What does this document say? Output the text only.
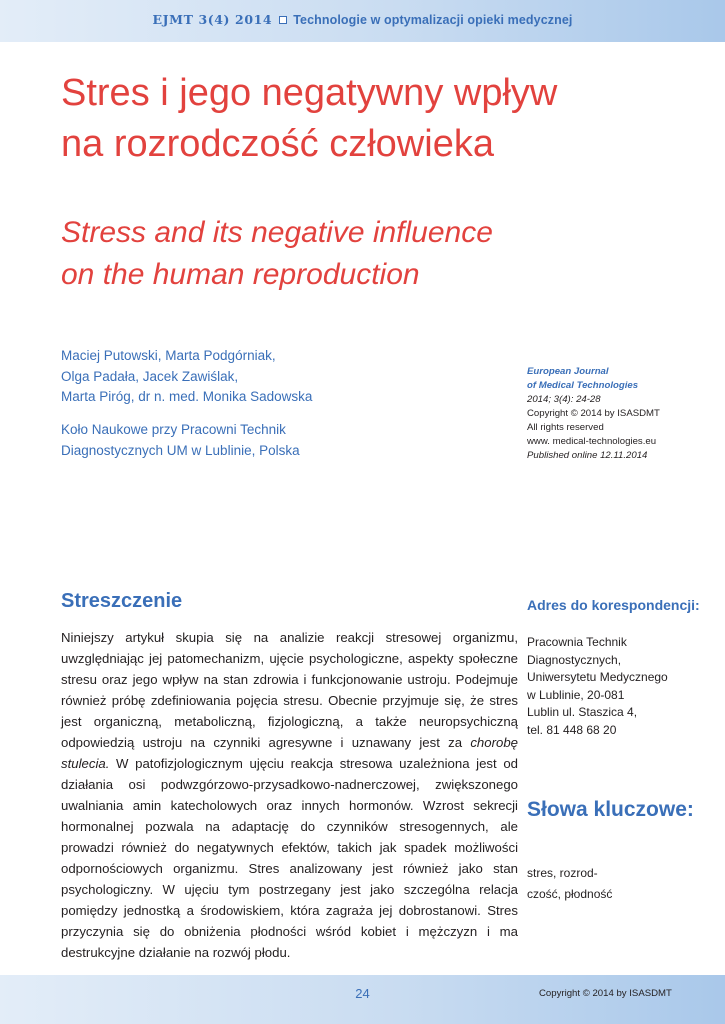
EJMT 3(4) 2014 Technologie w optymalizacji opieki medycznej
Stres i jego negatywny wpływ
na rozrodczość człowieka
Stress and its negative influence
on the human reproduction
Maciej Putowski, Marta Podgórniak,
Olga Padała, Jacek Zawiślak,
Marta Piróg, dr n. med. Monika Sadowska
Koło Naukowe przy Pracowni Technik
Diagnostycznych UM w Lublinie, Polska
European Journal
of Medical Technologies
2014; 3(4): 24-28
Copyright © 2014 by ISASDMT
All rights reserved
www. medical-technologies.eu
Published online 12.11.2014
Streszczenie

Niniejszy artykuł skupia się na analizie reakcji stresowej organizmu, uwzględniając jej patomechanizm, ujęcie psychologiczne, aspekty społeczne stresu oraz jego wpływ na stan zdrowia i funkcjonowanie ustroju. Podejmuje również próbę zdefiniowania pojęcia stresu. Obecnie przyjmuje się, że stres jest organiczną, metaboliczną, fizjologiczną, a także neuropsychiczną odpowiedzią ustroju na czynniki agresywne i uznawany jest za chorobę stulecia. W patofizjologicznym ujęciu reakcja stresowa uzależniona jest od działania osi podwzgórzowo-przysadkowo-nadnerczowej, zwiększonego uwalniania amin katecholowych oraz innych hormonów. Wzrost sekrecji hormonalnej pozwala na adaptację do czynników stresogennych, ale prowadzi również do negatywnych efektów, takich jak spadek możliwości odpornościowych organizmu. Stres analizowany jest również jako stan psychologiczny. W ujęciu tym postrzegany jest jako szczególna relacja pomiędzy jednostką a środowiskiem, która zagraża jej dobrostanowi. Stres przyczynia się do obniżenia płodności wśród kobiet i mężczyzn i ma destrukcyjne działanie na rozwój płodu.

Adres do korespondencji:
Pracownia Technik
Diagnostycznych,
Uniwersytetu Medycznego
w Lublinie, 20-081
Lublin ul. Staszica 4,
tel. 81 448 68 20
Słowa kluczowe:
stres, rozrod-
czość, płodność
24	Copyright © 2014 by ISASDMT
